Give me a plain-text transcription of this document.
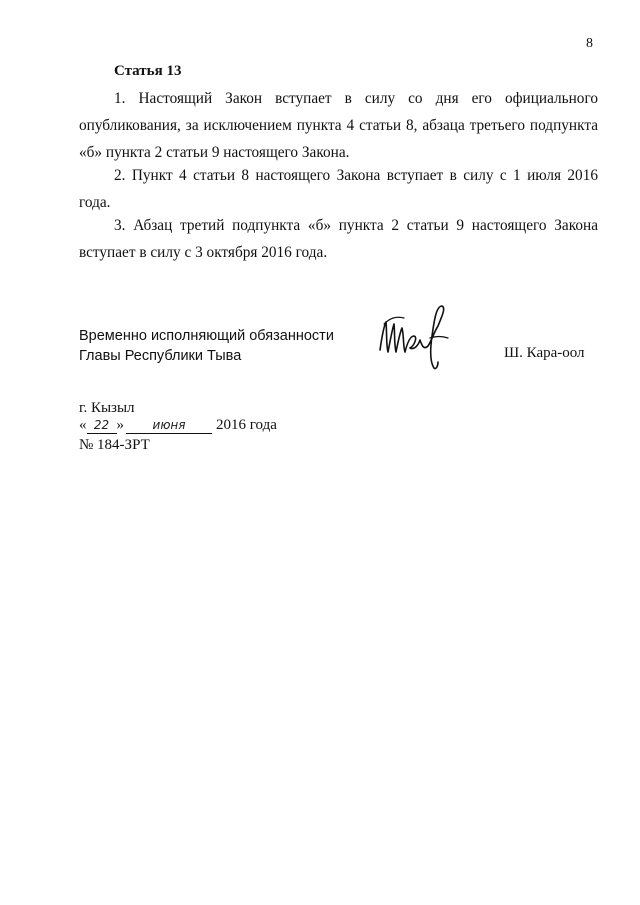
8
Статья 13

1. Настоящий Закон вступает в силу со дня его официального опубликования, за исключением пункта 4 статьи 8, абзаца третьего подпункта «б» пункта 2 статьи 9 настоящего Закона.

2. Пункт 4 статьи 8 настоящего Закона вступает в силу с 1 июля 2016 года.

3. Абзац третий подпункта «б» пункта 2 статьи 9 настоящего Закона вступает в силу с 3 октября 2016 года.

Временно исполняющий обязанности
Главы Республики Тыва	Ш. Кара-оол
г. Кызыл
« 22 »	июня	2016 года
№ 184-ЗРТ
